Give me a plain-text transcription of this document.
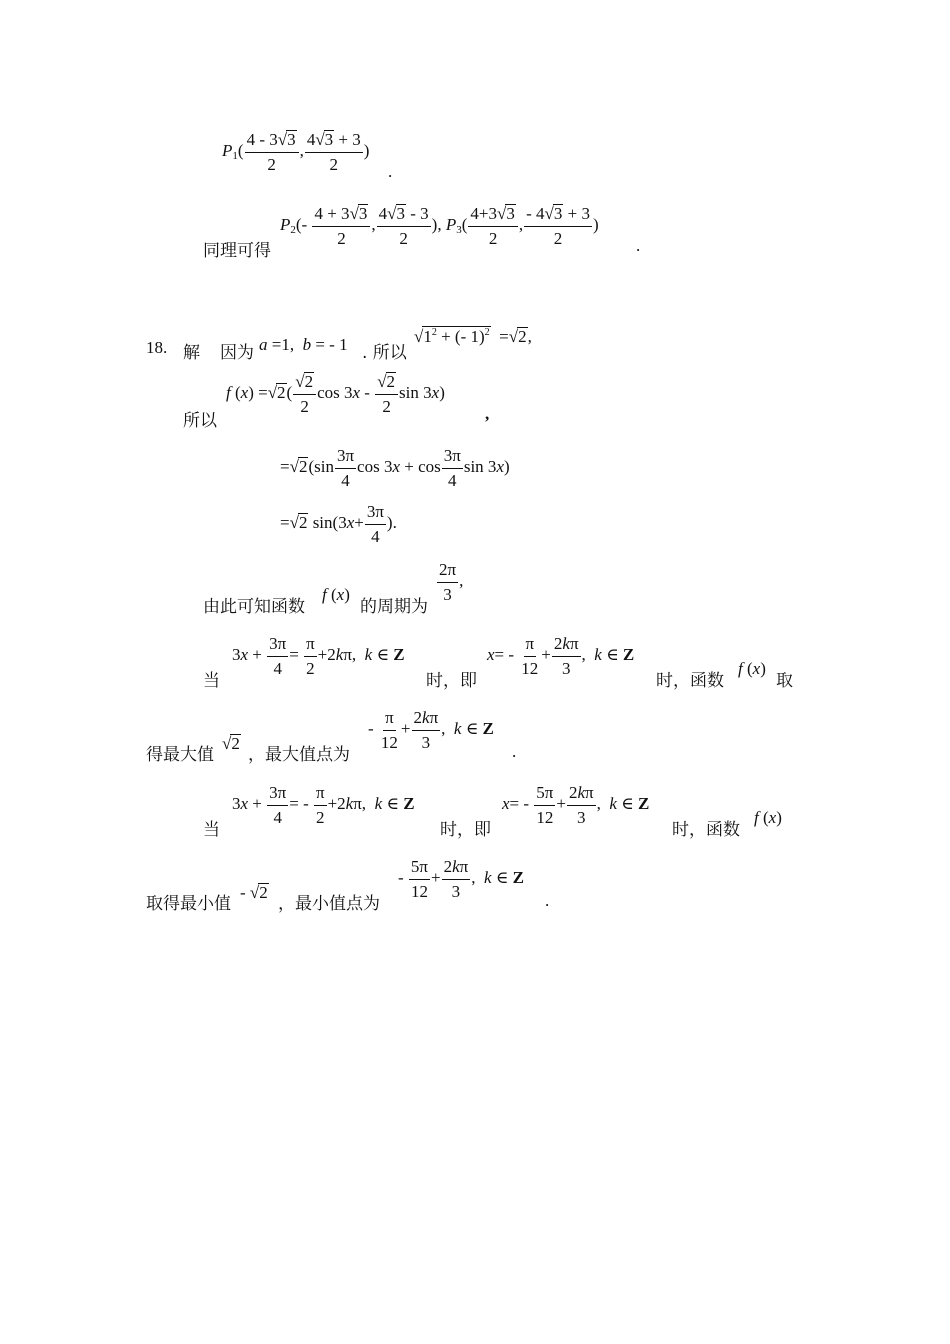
$P_1( \frac{4 - 3√3}{2}$ , $\frac{4√3 + 3}{2}$ )
.
同理可得
$P_2(- \frac{4 + 3√3}{2}$ , $\frac{4√3 - 3}{2}$ ), $P_3( \frac{4+3√3}{2}$ , $\frac{- 4√3 + 3}{2}$ )
.
18. 解 因为 a =1,  b = - 1 . 所以
$√1^2$ + (- 1)$^2$  =√2,
所以
f $(x) =√2( \frac{√2}{2}$ $\cos 3x - \frac{√2}{2}$ sin 3x)
,
$=√2(\sin \frac{3\pi}{4}$ $\cos 3x + \cos \frac{3\pi}{4}$ sin 3x)
=√2 $\sin(3x+ \frac{3\pi}{4}$ ).
由此可知函数
f (x)
的周期为
$\frac{2\pi}{3}$ ,
当
$3x + \frac{3\pi}{4} = \frac{\pi}{2} +2k\pi$,  k ∈ Z
时，即
$x= - \frac{\pi}{12} + \frac{2k\pi}{3}$ ,  k ∈ Z
时，函数
f (x)
取
得最大值
√2
，最大值点为
- $\frac{\pi}{12} + \frac{2k\pi}{3}$ ,  k ∈ Z
.
当
$3x + \frac{3\pi}{4}$ = - $\frac{\pi}{2} +2k\pi$,  k ∈ Z
时，即
$x= - \frac{5\pi}{12} + \frac{2k\pi}{3}$ ,  k ∈ Z
时，函数
f (x)
取得最小值
- √2
，最小值点为
- $\frac{5\pi}{12} + \frac{2k\pi}{3}$ ,  k ∈ Z
.
